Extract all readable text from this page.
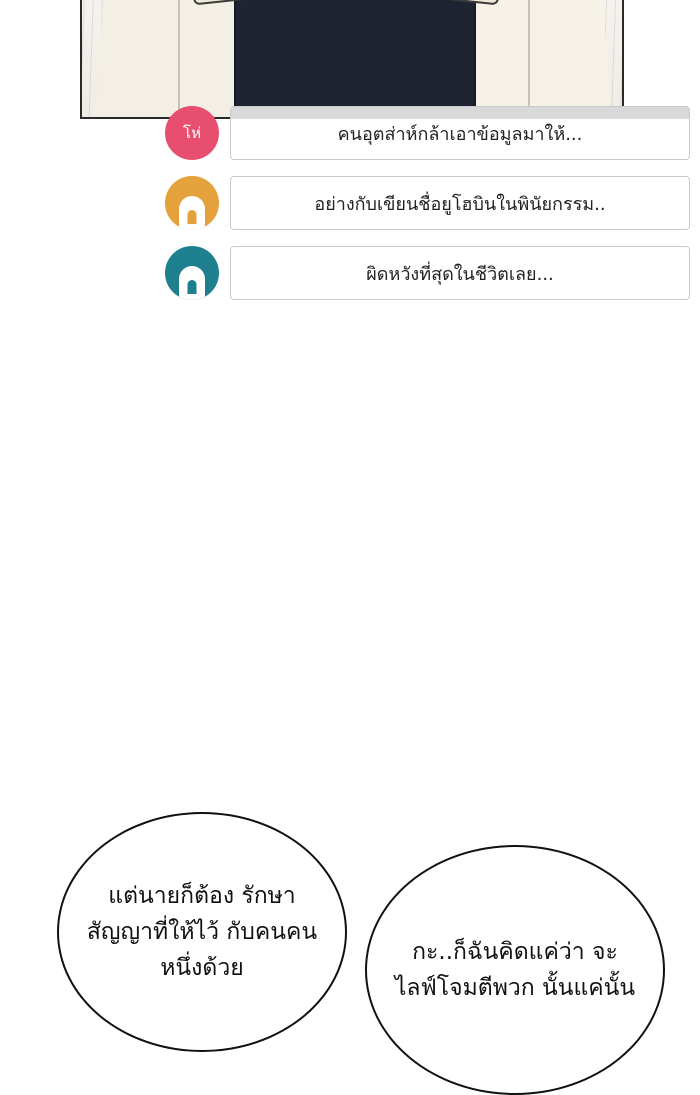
โห่	คนอุตส่าห์กล้าเอาข้อมูลมาให้...
อย่างกับเขียนชื่อยูโฮบินในพินัยกรรม..
ผิดหวังที่สุดในชีวิตเลย...
แต่นายก็ต้อง รักษาสัญญาที่ให้ไว้ กับคนคนหนึ่งด้วย
กะ..ก็ฉันคิดแค่ว่า จะไลฟ์โจมตีพวก นั้นแค่นั้น
